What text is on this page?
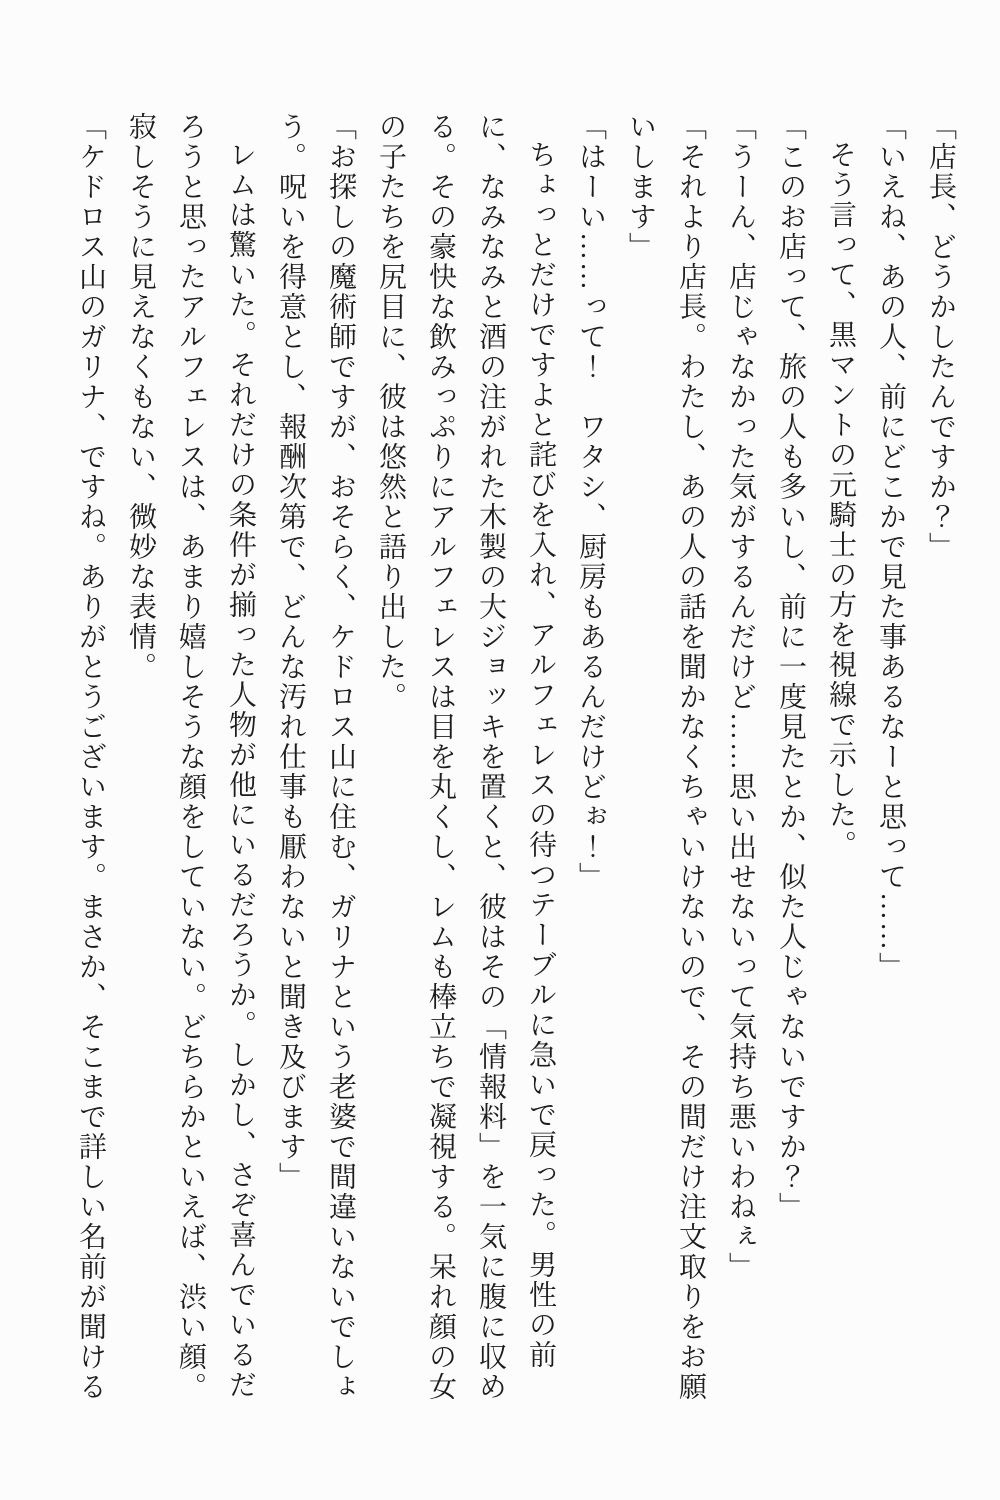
「店長、どうかしたんですか？」

「いえね、あの人、前にどこかで見た事あるなーと思って……」

そう言って、黒マントの元騎士の方を視線で示した。

「このお店って、旅の人も多いし、前に一度見たとか、似た人じゃないですか？」

「うーん、店じゃなかった気がするんだけど……思い出せないって気持ち悪いわねぇ」

「それより店長。わたし、あの人の話を聞かなくちゃいけないので、その間だけ注文取りをお願いします」

「はーい……って！　ワタシ、厨房もあるんだけどぉ！」

ちょっとだけですよと詫びを入れ、アルフェレスの待つテーブルに急いで戻った。男性の前に、なみなみと酒の注がれた木製の大ジョッキを置くと、彼はその「情報料」を一気に腹に収める。その豪快な飲みっぷりにアルフェレスは目を丸くし、レムも棒立ちで凝視する。呆れ顔の女の子たちを尻目に、彼は悠然と語り出した。

「お探しの魔術師ですが、おそらく、ケドロス山に住む、ガリナという老婆で間違いないでしょう。呪いを得意とし、報酬次第で、どんな汚れ仕事も厭わないと聞き及びます」

レムは驚いた。それだけの条件が揃った人物が他にいるだろうか。しかし、さぞ喜んでいるだろうと思ったアルフェレスは、あまり嬉しそうな顔をしていない。どちらかといえば、渋い顔。寂しそうに見えなくもない、微妙な表情。

「ケドロス山のガリナ、ですね。ありがとうございます。まさか、そこまで詳しい名前が聞ける
